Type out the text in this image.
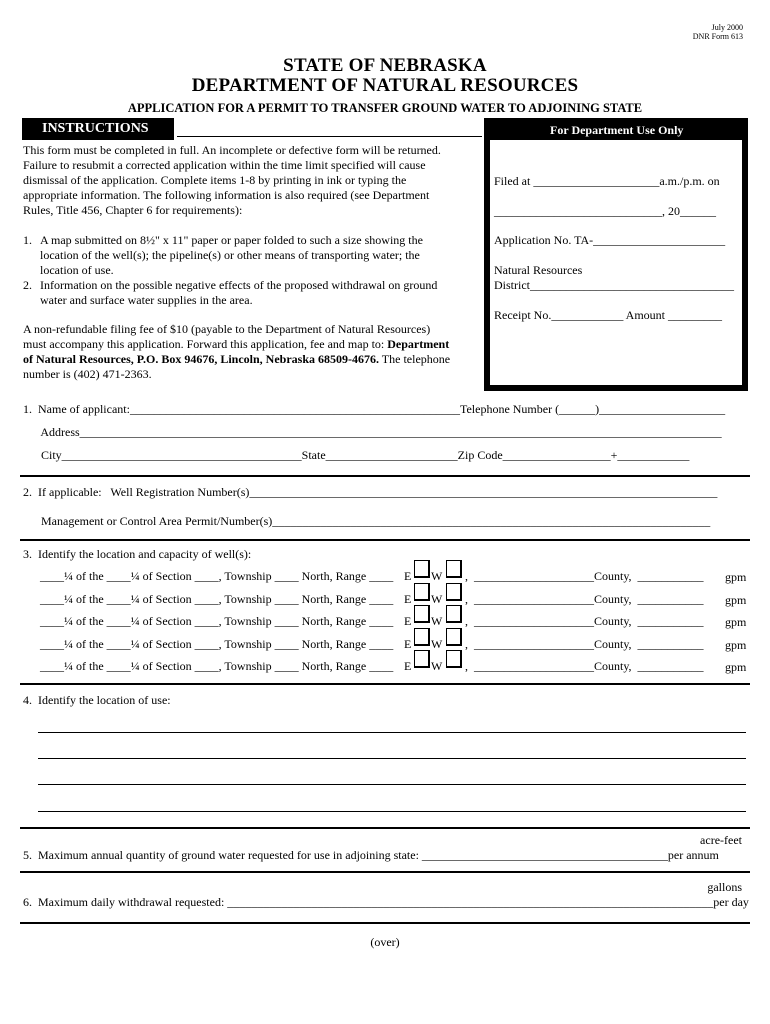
July 2000
DNR Form 613
STATE OF NEBRASKA
DEPARTMENT OF NATURAL RESOURCES
APPLICATION FOR A PERMIT TO TRANSFER GROUND WATER TO ADJOINING STATE
INSTRUCTIONS	For Department Use Only
This form must be completed in full. An incomplete or defective form will be returned.
Failure to resubmit a corrected application within the time limit specified will cause
dismissal of the application. Complete items 1-8 by printing in ink or typing the
appropriate information. The following information is also required (see Department
Rules, Title 456, Chapter 6 for requirements):
1. A map submitted on 8½" x 11" paper or paper folded to such a size showing the
location of the well(s); the pipeline(s) or other means of transporting water; the
location of use.
2. Information on the possible negative effects of the proposed withdrawal on ground
water and surface water supplies in the area.
A non-refundable filing fee of $10 (payable to the Department of Natural Resources)
must accompany this application. Forward this application, fee and map to: Department
of Natural Resources, P.O. Box 94676, Lincoln, Nebraska 68509-4676. The telephone
number is (402) 471-2363.
Filed at _____________________a.m./p.m. on
____________________________, 20______
Application No. TA-______________________
Natural Resources
District__________________________________
Receipt No.____________ Amount _________
1.  Name of applicant:_______________________________________________________Telephone Number (______)_____________________
Address___________________________________________________________________________________________________________
City________________________________________State______________________Zip Code__________________+____________
2.  If applicable:   Well Registration Number(s)______________________________________________________________________________
Management or Control Area Permit/Number(s)_________________________________________________________________________
3.  Identify the location and capacity of well(s):
____¼ of the ____¼ of Section ____, Township ____ North, Range ____ E W ,  ____________________County,  ___________ gpm
____¼ of the ____¼ of Section ____, Township ____ North, Range ____ E W ,  ____________________County,  ___________ gpm
____¼ of the ____¼ of Section ____, Township ____ North, Range ____ E W ,  ____________________County,  ___________ gpm
____¼ of the ____¼ of Section ____, Township ____ North, Range ____ E W ,  ____________________County,  ___________ gpm
____¼ of the ____¼ of Section ____, Township ____ North, Range ____ E W ,  ____________________County,  ___________ gpm
4.  Identify the location of use:
acre-feet
5.  Maximum annual quantity of ground water requested for use in adjoining state: _________________________________________per annum
gallons
6.  Maximum daily withdrawal requested: _________________________________________________________________________________per day
(over)
